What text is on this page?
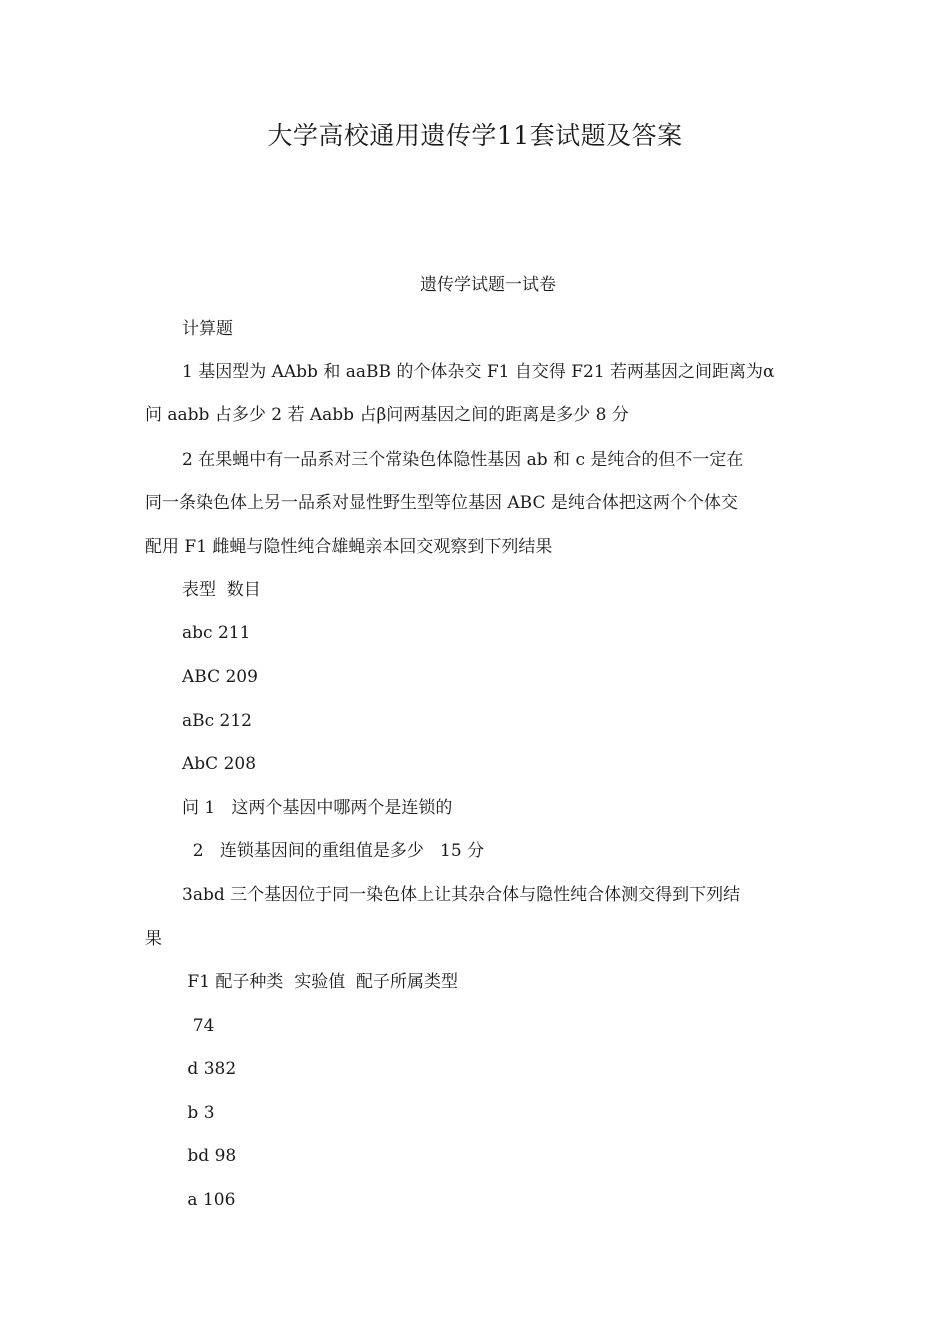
大学高校通用遗传学11套试题及答案
遗传学试题一试卷
计算题
1 基因型为 AAbb 和 aaBB 的个体杂交 F1 自交得 F21 若两基因之间距离为α
问 aabb 占多少 2 若 Aabb 占β问两基因之间的距离是多少 8 分
2 在果蝇中有一品系对三个常染色体隐性基因 ab 和 c 是纯合的但不一定在
同一条染色体上另一品系对显性野生型等位基因 ABC 是纯合体把这两个个体交
配用 F1 雌蝇与隐性纯合雄蝇亲本回交观察到下列结果
表型  数目
abc 211
ABC 209
aBc 212
AbC 208
问 1   这两个基因中哪两个是连锁的
2   连锁基因间的重组值是多少   15 分
3abd 三个基因位于同一染色体上让其杂合体与隐性纯合体测交得到下列结
果
F1 配子种类  实验值  配子所属类型
74
d 382
b 3
bd 98
a 106
